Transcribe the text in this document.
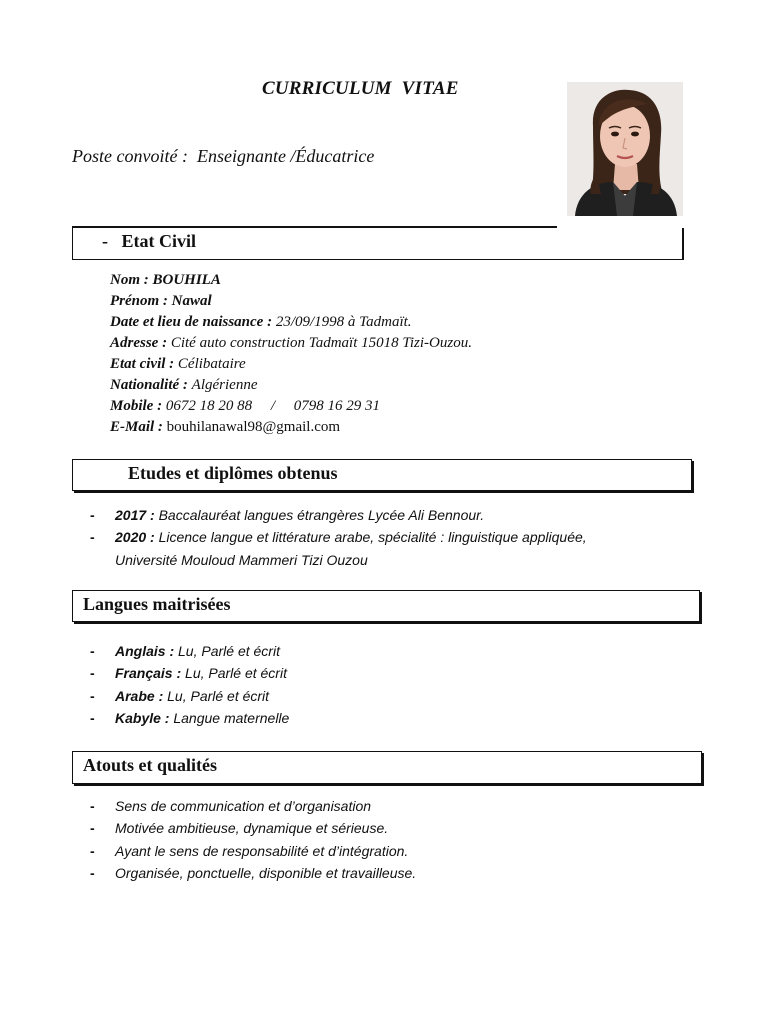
CURRICULUM  VITAE
Poste convoité :  Enseignante /Éducatrice
- Etat Civil
Nom : BOUHILA
Prénom : Nawal
Date et lieu de naissance : 23/09/1998 à Tadmaït.
Adresse : Cité auto construction Tadmaït 15018 Tizi-Ouzou.
Etat civil : Célibataire
Nationalité : Algérienne
Mobile : 0672 18 20 88     /     0798 16 29 31
E-Mail : bouhilanawal98@gmail.com
Etudes et diplômes obtenus
- 2017 : Baccalauréat langues étrangères Lycée Ali Bennour.
- 2020 : Licence langue et littérature arabe, spécialité : linguistique appliquée,
Université Mouloud Mammeri Tizi Ouzou
Langues maitrisées
- Anglais : Lu, Parlé et écrit
- Français : Lu, Parlé et écrit
- Arabe : Lu, Parlé et écrit
- Kabyle : Langue maternelle
Atouts et qualités
- Sens de communication et d’organisation
- Motivée ambitieuse, dynamique et sérieuse.
- Ayant le sens de responsabilité et d’intégration.
- Organisée, ponctuelle, disponible et travailleuse.
